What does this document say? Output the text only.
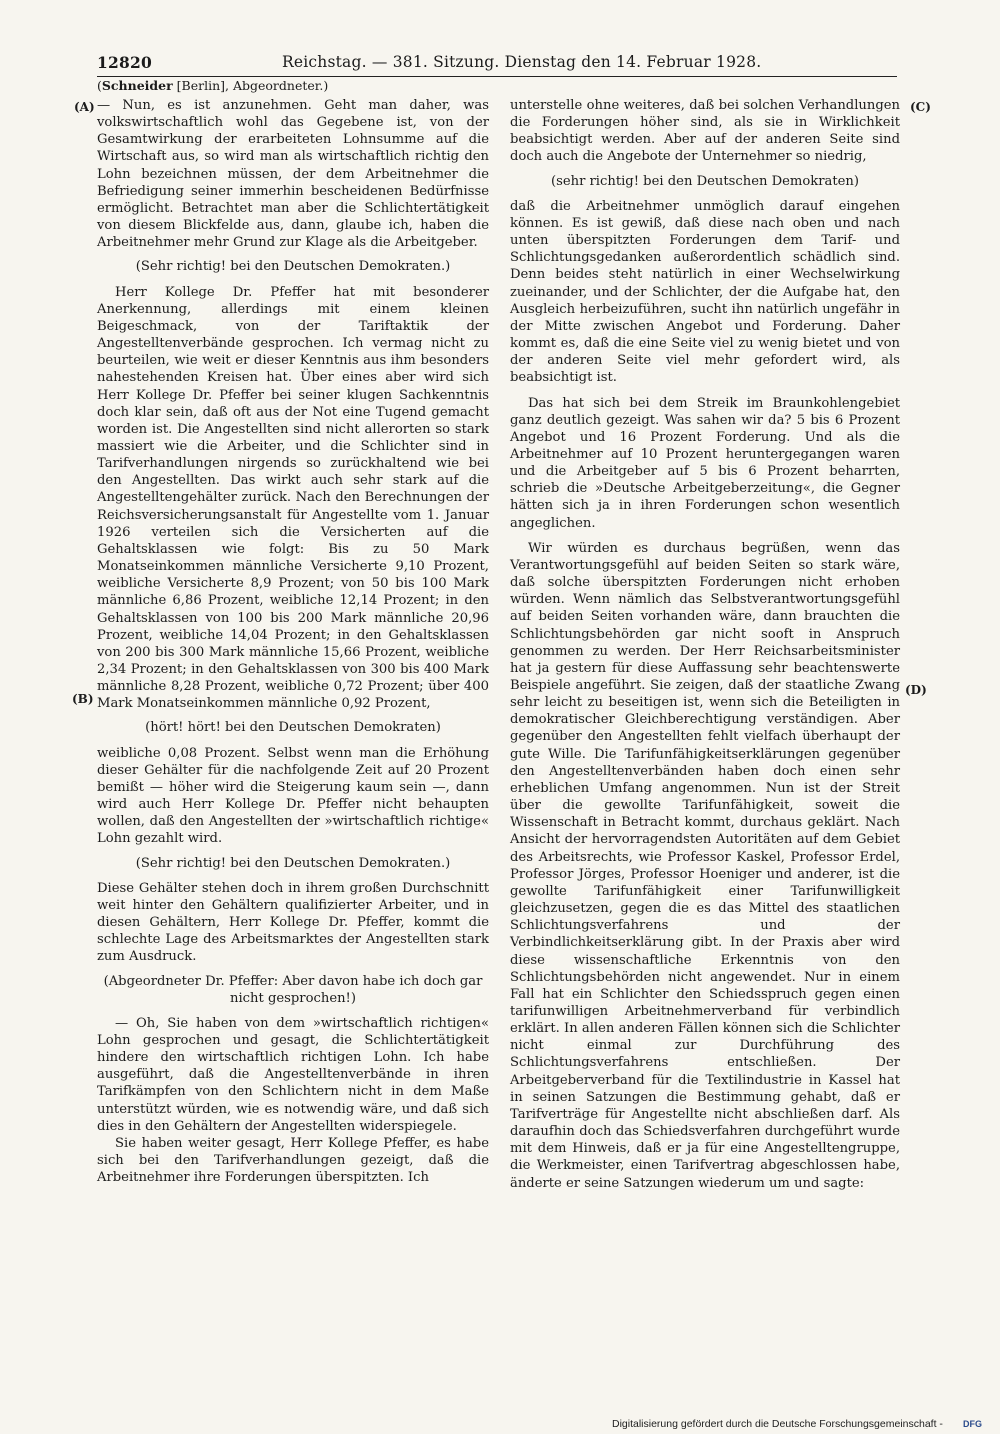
12820	Reichstag. — 381. Sitzung. Dienstag den 14. Februar 1928.
(Schneider [Berlin], Abgeordneter.)
(A)
(B)
(C)
(D)

— Nun, es ist anzunehmen. Geht man daher, was volkswirtschaftlich wohl das Gegebene ist, von der Gesamtwirkung der erarbeiteten Lohnsumme auf die Wirtschaft aus, so wird man als wirtschaftlich richtig den Lohn bezeichnen müssen, der dem Arbeitnehmer die Befriedigung seiner immerhin bescheidenen Bedürfnisse ermöglicht. Betrachtet man aber die Schlichtertätigkeit von diesem Blickfelde aus, dann, glaube ich, haben die Arbeitnehmer mehr Grund zur Klage als die Arbeitgeber.

(Sehr richtig! bei den Deutschen Demokraten.)

Herr Kollege Dr. Pfeffer hat mit besonderer Anerkennung, allerdings mit einem kleinen Beigeschmack, von der Tariftaktik der Angestelltenverbände gesprochen. Ich vermag nicht zu beurteilen, wie weit er dieser Kenntnis aus ihm besonders nahestehenden Kreisen hat. Über eines aber wird sich Herr Kollege Dr. Pfeffer bei seiner klugen Sachkenntnis doch klar sein, daß oft aus der Not eine Tugend gemacht worden ist. Die Angestellten sind nicht allerorten so stark massiert wie die Arbeiter, und die Schlichter sind in Tarifverhandlungen nirgends so zurückhaltend wie bei den Angestellten. Das wirkt auch sehr stark auf die Angestelltengehälter zurück. Nach den Berechnungen der Reichsversicherungsanstalt für Angestellte vom 1. Januar 1926 verteilen sich die Versicherten auf die Gehaltsklassen wie folgt: Bis zu 50 Mark Monatseinkommen männliche Versicherte 9,10 Prozent, weibliche Versicherte 8,9 Prozent; von 50 bis 100 Mark männliche 6,86 Prozent, weibliche 12,14 Prozent; in den Gehaltsklassen von 100 bis 200 Mark männliche 20,96 Prozent, weibliche 14,04 Prozent; in den Gehaltsklassen von 200 bis 300 Mark männliche 15,66 Prozent, weibliche 2,34 Prozent; in den Gehaltsklassen von 300 bis 400 Mark männliche 8,28 Prozent, weibliche 0,72 Prozent; über 400 Mark Monatseinkommen männliche 0,92 Prozent,

(hört! hört! bei den Deutschen Demokraten)

weibliche 0,08 Prozent. Selbst wenn man die Erhöhung dieser Gehälter für die nachfolgende Zeit auf 20 Prozent bemißt — höher wird die Steigerung kaum sein —, dann wird auch Herr Kollege Dr. Pfeffer nicht behaupten wollen, daß den Angestellten der »wirtschaftlich richtige« Lohn gezahlt wird.

(Sehr richtig! bei den Deutschen Demokraten.)

Diese Gehälter stehen doch in ihrem großen Durchschnitt weit hinter den Gehältern qualifizierter Arbeiter, und in diesen Gehältern, Herr Kollege Dr. Pfeffer, kommt die schlechte Lage des Arbeitsmarktes der Angestellten stark zum Ausdruck.

(Abgeordneter Dr. Pfeffer: Aber davon habe ich doch gar nicht gesprochen!)

— Oh, Sie haben von dem »wirtschaftlich richtigen« Lohn gesprochen und gesagt, die Schlichtertätigkeit hindere den wirtschaftlich richtigen Lohn. Ich habe ausgeführt, daß die Angestelltenverbände in ihren Tarifkämpfen von den Schlichtern nicht in dem Maße unterstützt würden, wie es notwendig wäre, und daß sich dies in den Gehältern der Angestellten widerspiegele.

Sie haben weiter gesagt, Herr Kollege Pfeffer, es habe sich bei den Tarifverhandlungen gezeigt, daß die Arbeitnehmer ihre Forderungen überspitzten. Ich

unterstelle ohne weiteres, daß bei solchen Verhandlungen die Forderungen höher sind, als sie in Wirklichkeit beabsichtigt werden. Aber auf der anderen Seite sind doch auch die Angebote der Unternehmer so niedrig,

(sehr richtig! bei den Deutschen Demokraten)

daß die Arbeitnehmer unmöglich darauf eingehen können. Es ist gewiß, daß diese nach oben und nach unten überspitzten Forderungen dem Tarif- und Schlichtungsgedanken außerordentlich schädlich sind. Denn beides steht natürlich in einer Wechselwirkung zueinander, und der Schlichter, der die Aufgabe hat, den Ausgleich herbeizuführen, sucht ihn natürlich ungefähr in der Mitte zwischen Angebot und Forderung. Daher kommt es, daß die eine Seite viel zu wenig bietet und von der anderen Seite viel mehr gefordert wird, als beabsichtigt ist.

Das hat sich bei dem Streik im Braunkohlengebiet ganz deutlich gezeigt. Was sahen wir da? 5 bis 6 Prozent Angebot und 16 Prozent Forderung. Und als die Arbeitnehmer auf 10 Prozent heruntergegangen waren und die Arbeitgeber auf 5 bis 6 Prozent beharrten, schrieb die »Deutsche Arbeitgeberzeitung«, die Gegner hätten sich ja in ihren Forderungen schon wesentlich angeglichen.

Wir würden es durchaus begrüßen, wenn das Verantwortungsgefühl auf beiden Seiten so stark wäre, daß solche überspitzten Forderungen nicht erhoben würden. Wenn nämlich das Selbstverantwortungsgefühl auf beiden Seiten vorhanden wäre, dann brauchten die Schlichtungsbehörden gar nicht sooft in Anspruch genommen zu werden. Der Herr Reichsarbeitsminister hat ja gestern für diese Auffassung sehr beachtenswerte Beispiele angeführt. Sie zeigen, daß der staatliche Zwang sehr leicht zu beseitigen ist, wenn sich die Beteiligten in demokratischer Gleichberechtigung verständigen. Aber gegenüber den Angestellten fehlt vielfach überhaupt der gute Wille. Die Tarifunfähigkeitserklärungen gegenüber den Angestelltenverbänden haben doch einen sehr erheblichen Umfang angenommen. Nun ist der Streit über die gewollte Tarifunfähigkeit, soweit die Wissenschaft in Betracht kommt, durchaus geklärt. Nach Ansicht der hervorragendsten Autoritäten auf dem Gebiet des Arbeitsrechts, wie Professor Kaskel, Professor Erdel, Professor Jörges, Professor Hoeniger und anderer, ist die gewollte Tarifunfähigkeit einer Tarifunwilligkeit gleichzusetzen, gegen die es das Mittel des staatlichen Schlichtungsverfahrens und der Verbindlichkeitserklärung gibt. In der Praxis aber wird diese wissenschaftliche Erkenntnis von den Schlichtungsbehörden nicht angewendet. Nur in einem Fall hat ein Schlichter den Schiedsspruch gegen einen tarifunwilligen Arbeitnehmerverband für verbindlich erklärt. In allen anderen Fällen können sich die Schlichter nicht einmal zur Durchführung des Schlichtungsverfahrens entschließen. Der Arbeitgeberverband für die Textilindustrie in Kassel hat in seinen Satzungen die Bestimmung gehabt, daß er Tarifverträge für Angestellte nicht abschließen darf. Als daraufhin doch das Schiedsverfahren durchgeführt wurde mit dem Hinweis, daß er ja für eine Angestelltengruppe, die Werkmeister, einen Tarifvertrag abgeschlossen habe, änderte er seine Satzungen wiederum um und sagte:

Digitalisierung gefördert durch die Deutsche Forschungsgemeinschaft - DFG
